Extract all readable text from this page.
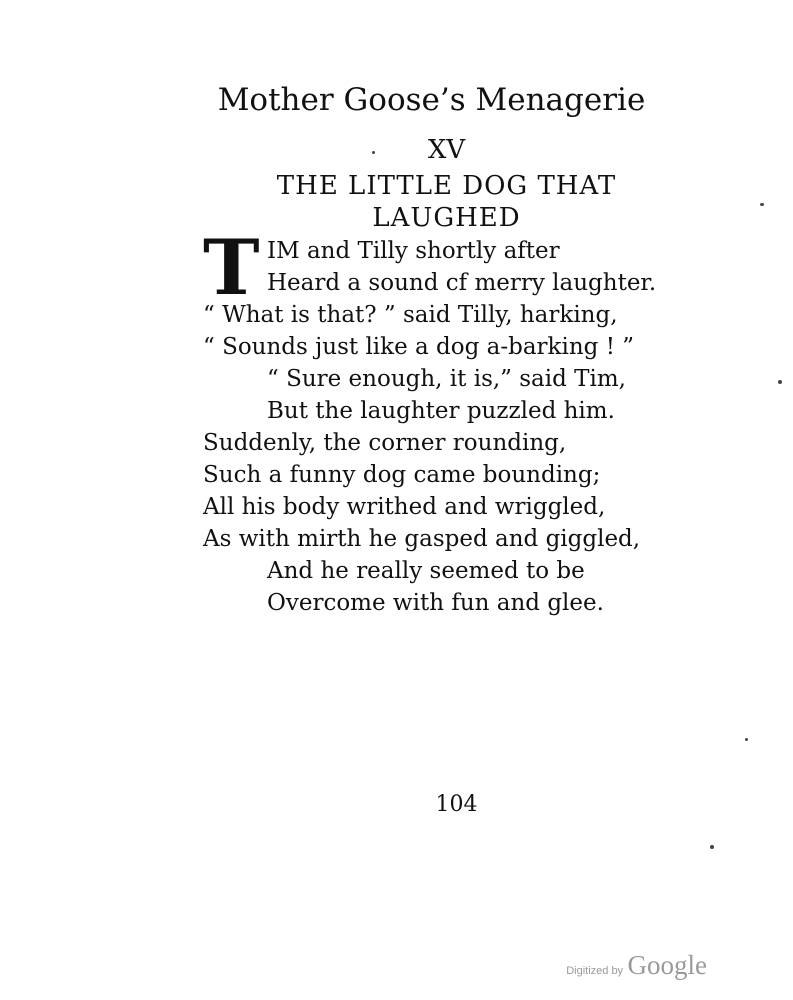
Mother Goose’s Menagerie
XV
THE LITTLE DOG THAT
LAUGHED
T IM and Tilly shortly after
Heard a sound cf merry laughter.
“ What is that? ” said Tilly, harking,
“ Sounds just like a dog a-barking ! ”
“ Sure enough, it is,” said Tim,
But the laughter puzzled him.
Suddenly, the corner rounding,
Such a funny dog came bounding;
All his body writhed and wriggled,
As with mirth he gasped and giggled,
And he really seemed to be
Overcome with fun and glee.
104
Digitized by Google
